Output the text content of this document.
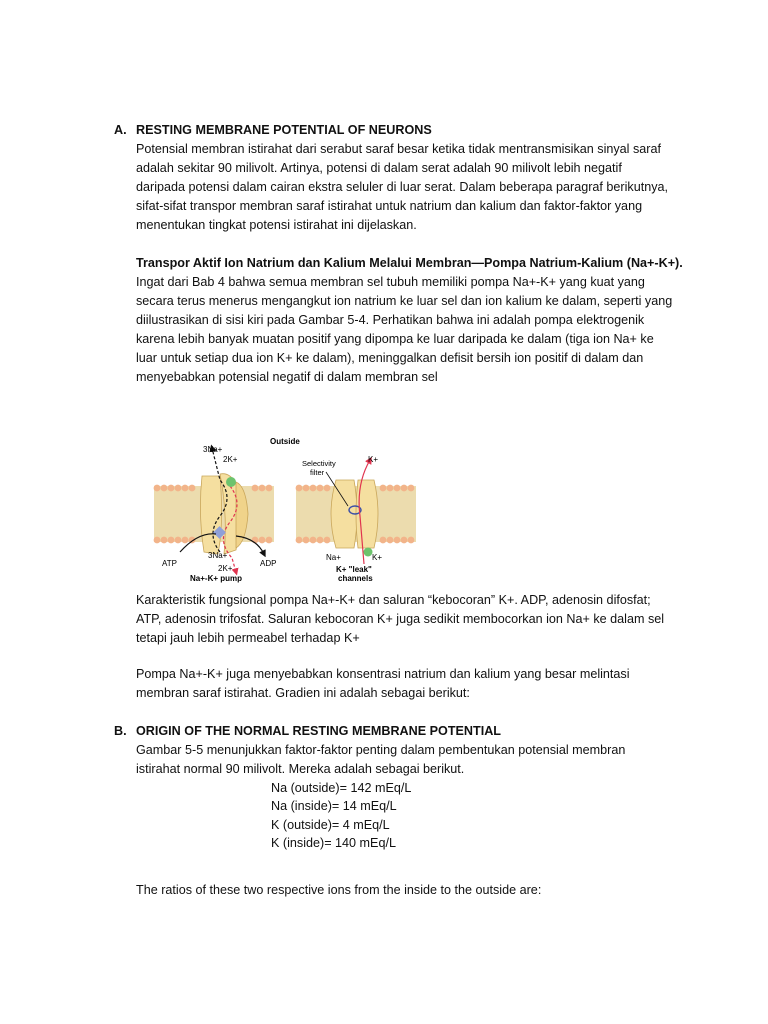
A. RESTING MEMBRANE POTENTIAL OF NEURONS
Potensial membran istirahat dari serabut saraf besar ketika tidak mentransmisikan sinyal saraf
adalah sekitar 90 milivolt. Artinya, potensi di dalam serat adalah 90 milivolt lebih negatif
daripada potensi dalam cairan ekstra seluler di luar serat. Dalam beberapa paragraf berikutnya,
sifat-sifat transpor membran saraf istirahat untuk natrium dan kalium dan faktor-faktor yang
menentukan tingkat potensi istirahat ini dijelaskan.
Transpor Aktif Ion Natrium dan Kalium Melalui Membran—Pompa Natrium-Kalium (Na+-K+).
Ingat dari Bab 4 bahwa semua membran sel tubuh memiliki pompa Na+-K+ yang kuat yang
secara terus menerus mengangkut ion natrium ke luar sel dan ion kalium ke dalam, seperti yang
diilustrasikan di sisi kiri pada Gambar 5-4. Perhatikan bahwa ini adalah pompa elektrogenik
karena lebih banyak muatan positif yang dipompa ke luar daripada ke dalam (tiga ion Na+ ke
luar untuk setiap dua ion K+ ke dalam), meninggalkan defisit bersih ion positif di dalam dan
menyebabkan potensial negatif di dalam membran sel
Outside
3Na+
2K+
ATP
3Na+
ADP
2K+
Na+-K+ pump
Selectivity
filter
K+
Na+	K+
K+ "leak"
channels
Karakteristik fungsional pompa Na+-K+ dan saluran “kebocoran” K+. ADP, adenosin difosfat;
ATP, adenosin trifosfat. Saluran kebocoran K+ juga sedikit membocorkan ion Na+ ke dalam sel
tetapi jauh lebih permeabel terhadap K+
Pompa Na+-K+ juga menyebabkan konsentrasi natrium dan kalium yang besar melintasi
membran saraf istirahat. Gradien ini adalah sebagai berikut:
B. ORIGIN OF THE NORMAL RESTING MEMBRANE POTENTIAL
Gambar 5-5 menunjukkan faktor-faktor penting dalam pembentukan potensial membran
istirahat normal 90 milivolt. Mereka adalah sebagai berikut.
Na (outside)= 142 mEq/L
Na (inside)= 14 mEq/L
K (outside)= 4 mEq/L
K (inside)= 140 mEq/L
The ratios of these two respective ions from the inside to the outside are:
